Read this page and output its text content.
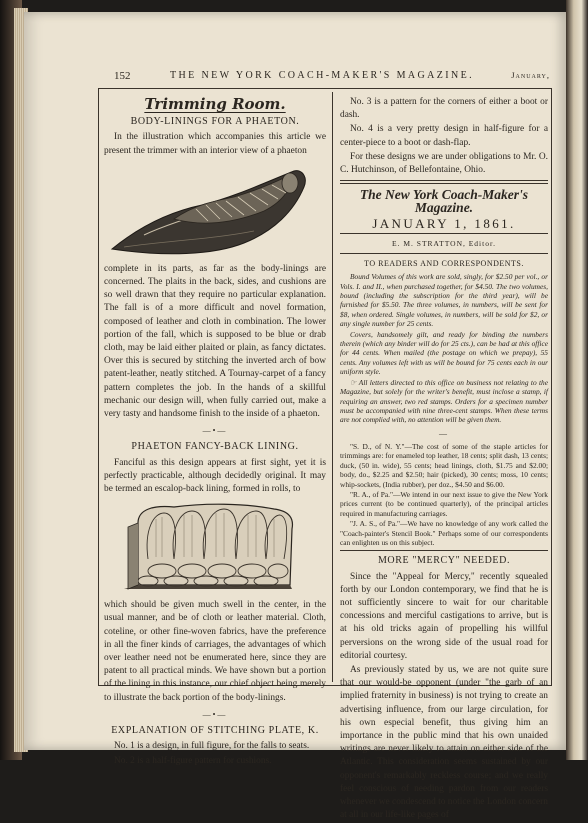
152	THE NEW YORK COACH-MAKER'S MAGAZINE.	January,
Trimming Room.
BODY-LININGS FOR A PHAETON.

In the illustration which accompanies this article we present the trimmer with an interior view of a phaeton

complete in its parts, as far as the body-linings are concerned. The plaits in the back, sides, and cushions are so well drawn that they require no particular explanation. The fall is of a more difficult and novel formation, composed of leather and cloth in combination. The lower portion of the fall, which is supposed to be blue or drab cloth, may be laid either plaited or plain, as fancy dictates. Over this is secured by stitching the inverted arch of bow patent-leather, neatly stitched. A Tournay-carpet of a fancy pattern completes the job. In the hands of a skillful mechanic our design will, when fully carried out, make a very tasty and handsome finish to the inside of a phaeton.

—•—
PHAETON FANCY-BACK LINING.

Fanciful as this design appears at first sight, yet it is perfectly practicable, although decidedly original. It may be termed an escalop-back lining, formed in rolls, to

which should be given much swell in the center, in the usual manner, and be of cloth or leather material. Cloth, coteline, or other fine-woven fabrics, have the preference in all the finer kinds of carriages, the advantages of which over leather need not be enumerated here, since they are patent to all practical minds. We have shown but a portion of the lining in this instance, our chief object being merely to illustrate the back portion of the body-linings.

—•—
EXPLANATION OF STITCHING PLATE, K.

No. 1 is a design, in full figure, for the falls to seats.

No. 2 is a half-figure pattern for cushions.

No. 3 is a pattern for the corners of either a boot or dash.

No. 4 is a very pretty design in half-figure for a center-piece to a boot or dash-flap.

For these designs we are under obligations to Mr. O. C. Hutchinson, of Bellefontaine, Ohio.

The New York Coach-Maker's Magazine.
JANUARY 1, 1861.
E. M. STRATTON, Editor.
TO READERS AND CORRESPONDENTS.

Bound Volumes of this work are sold, singly, for $2.50 per vol., or Vols. I. and II., when purchased together, for $4.50. The two volumes, bound (including the subscription for the third year), will be furnished for $5.50. The three volumes, in numbers, will be sent for $8, when ordered. Single volumes, in numbers, will be sold for $2, or any single number for 25 cents.

Covers, handsomely gilt, and ready for binding the numbers therein (which any binder will do for 25 cts.), can be had at this office for 44 cents. When mailed (the postage on which we prepay), 55 cents. Any volumes left with us will be bound for 75 cents each in our uniform style.

☞ All letters directed to this office on business not relating to the Magazine, but solely for the writer's benefit, must inclose a stamp, if requiring an answer, two red stamps. Orders for a specimen number must be accompanied with nine three-cent stamps. When these terms are not complied with, no attention will be given them.

—

"S. D., of N. Y."—The cost of some of the staple articles for trimmings are: for enameled top leather, 18 cents; split dash, 13 cents; duck, (50 in. wide), 55 cents; head linings, cloth, $1.75 and $2.00; body, do., $2.25 and $2.50; hair (picked), 30 cents; moss, 10 cents; whip-sockets, (India rubber), per doz., $4.50 and $6.00.

"R. A., of Pa."—We intend in our next issue to give the New York prices current (to be continued quarterly), of the principal articles required in manufacturing carriages.

"J. A. S., of Pa."—We have no knowledge of any work called the "Coach-painter's Stencil Book." Perhaps some of our correspondents can enlighten us on this subject.

MORE "MERCY" NEEDED.

Since the "Appeal for Mercy," recently squealed forth by our London contemporary, we find that he is not sufficiently sincere to wait for our charitable concessions and merciful castigations to arrive, but is at his old tricks again of propelling his willful perversions on the wrong side of the usual road for editorial courtesy.

As previously stated by us, we are not quite sure that our would-be opponent (under "the garb of an implied fraternity in business) is not trying to create an advertising influence, from our large circulation, for his own especial benefit, thus giving him an importance in the public mind that his own unaided writings are never likely to attain on either side of the Atlantic. This consideration seems sustained by our opponent's remarkably reckless course; and we really feel conscious of needing pardon from our readers whenever we condescend to notice the London concern at all in our life-like pages of
